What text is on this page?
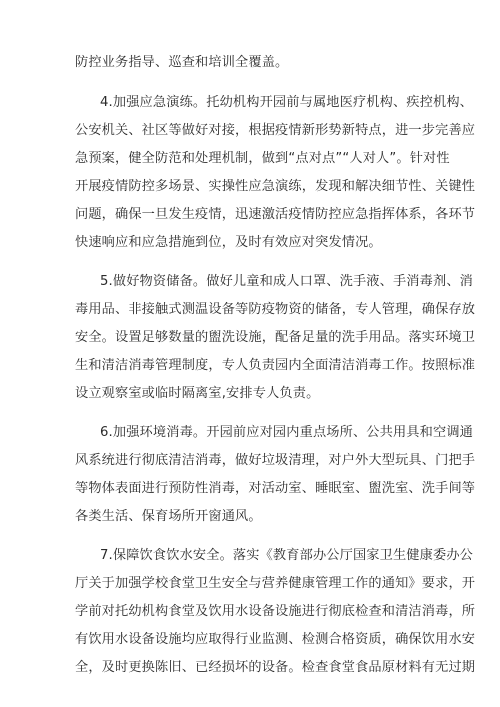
防控业务指导、巡查和培训全覆盖。
4.加强应急演练。托幼机构开园前与属地医疗机构、疾控机构、
公安机关、社区等做好对接，根据疫情新形势新特点，进一步完善应
急预案，健全防范和处理机制，做到“点对点”“人对人”。针对性
开展疫情防控多场景、实操性应急演练，发现和解决细节性、关键性
问题，确保一旦发生疫情，迅速激活疫情防控应急指挥体系，各环节
快速响应和应急措施到位，及时有效应对突发情况。
5.做好物资储备。做好儿童和成人口罩、洗手液、手消毒剂、消
毒用品、非接触式测温设备等防疫物资的储备，专人管理，确保存放
安全。设置足够数量的盥洗设施，配备足量的洗手用品。落实环境卫
生和清洁消毒管理制度，专人负责园内全面清洁消毒工作。按照标准
设立观察室或临时隔离室,安排专人负责。
6.加强环境消毒。开园前应对园内重点场所、公共用具和空调通
风系统进行彻底清洁消毒，做好垃圾清理，对户外大型玩具、门把手
等物体表面进行预防性消毒，对活动室、睡眠室、盥洗室、洗手间等
各类生活、保育场所开窗通风。
7.保障饮食饮水安全。落实《教育部办公厅国家卫生健康委办公
厅关于加强学校食堂卫生安全与营养健康管理工作的通知》要求，开
学前对托幼机构食堂及饮用水设备设施进行彻底检查和清洁消毒，所
有饮用水设备设施均应取得行业监测、检测合格资质，确保饮用水安
全，及时更换陈旧、已经损坏的设备。检查食堂食品原材料有无过期
